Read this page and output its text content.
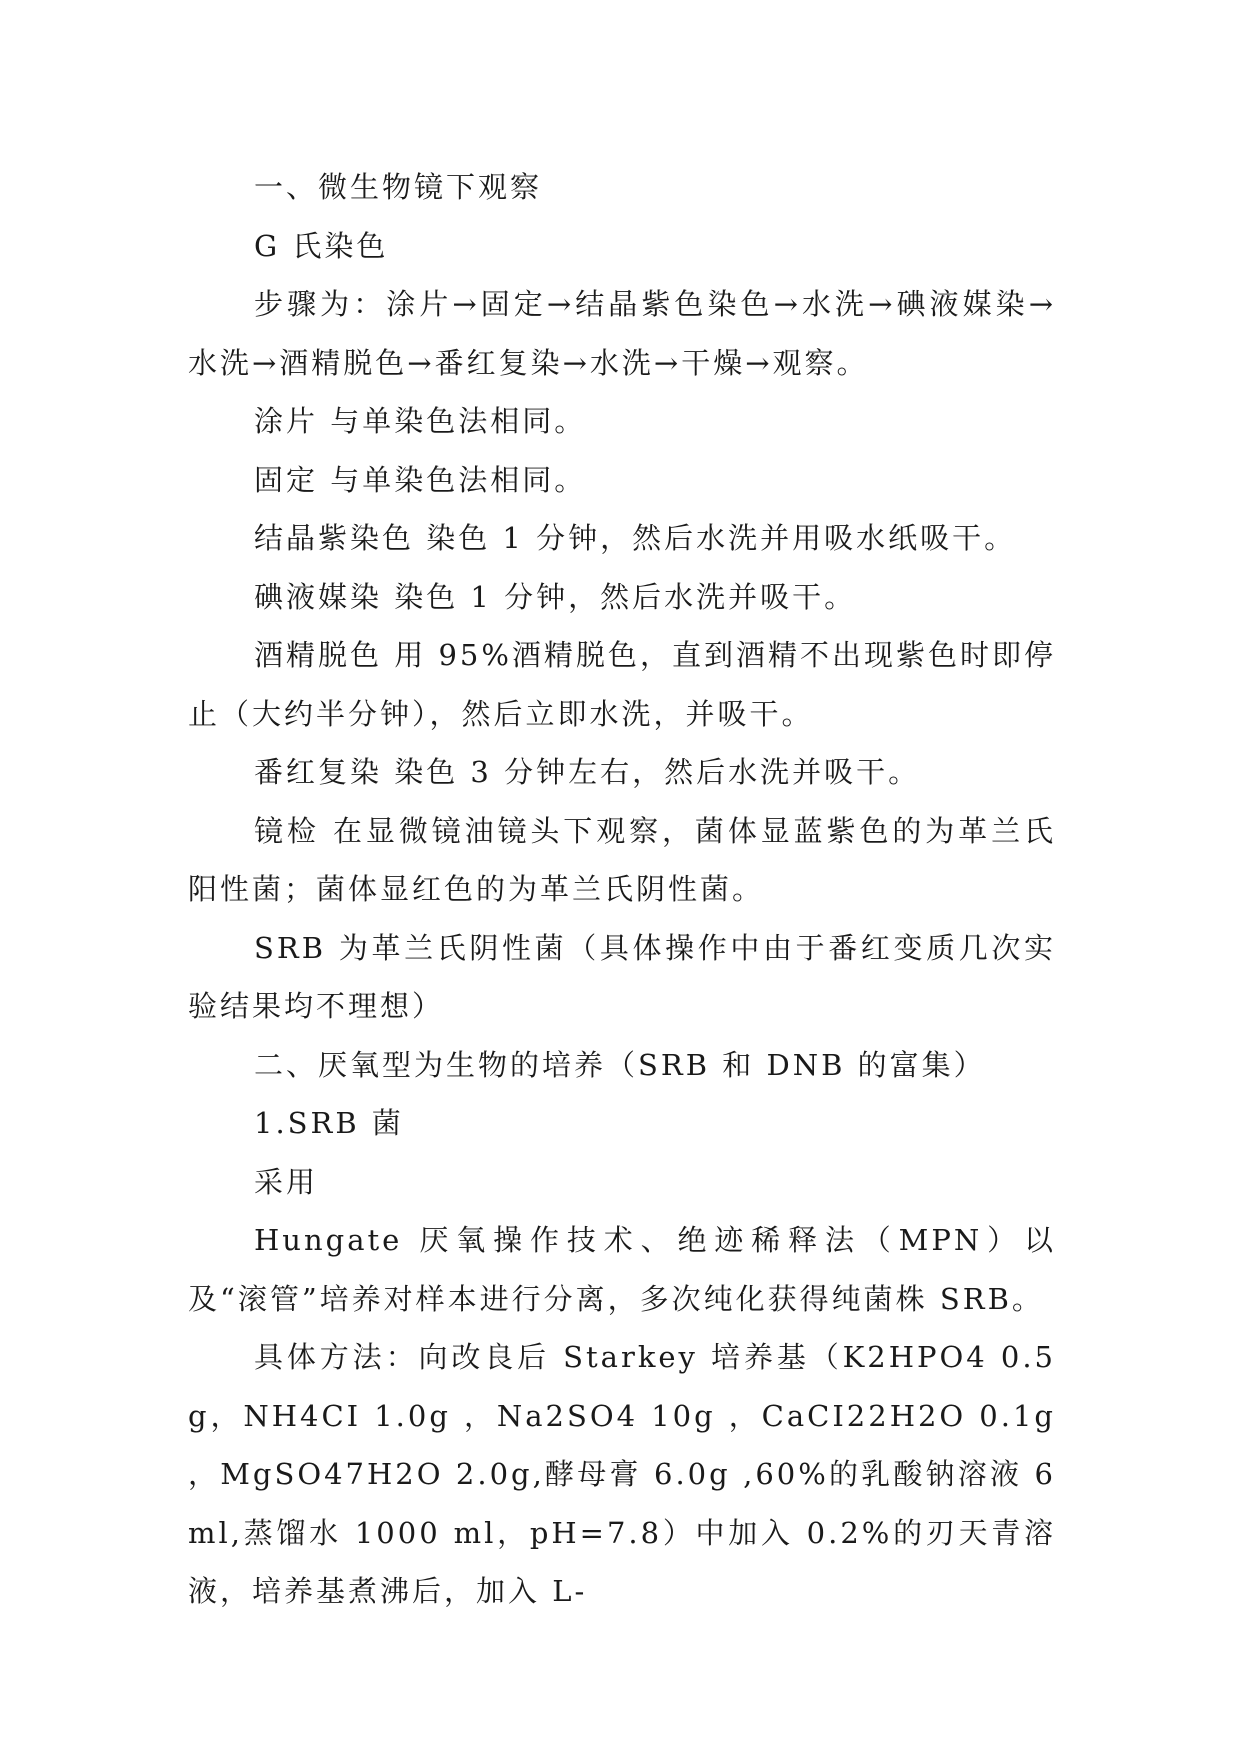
一、微生物镜下观察

G 氏染色

步骤为：涂片→固定→结晶紫色染色→水洗→碘液媒染→水洗→酒精脱色→番红复染→水洗→干燥→观察。

涂片 与单染色法相同。

固定 与单染色法相同。

结晶紫染色 染色 1 分钟，然后水洗并用吸水纸吸干。

碘液媒染 染色 1 分钟，然后水洗并吸干。

酒精脱色 用 95%酒精脱色，直到酒精不出现紫色时即停止（大约半分钟），然后立即水洗，并吸干。

番红复染 染色 3 分钟左右，然后水洗并吸干。

镜检 在显微镜油镜头下观察，菌体显蓝紫色的为革兰氏阳性菌；菌体显红色的为革兰氏阴性菌。

SRB 为革兰氏阴性菌（具体操作中由于番红变质几次实验结果均不理想）

二、厌氧型为生物的培养（SRB 和 DNB 的富集）

1.SRB 菌

采用

Hungate 厌氧操作技术、绝迹稀释法（MPN）以及“滚管”培养对样本进行分离，多次纯化获得纯菌株 SRB。

具体方法：向改良后 Starkey 培养基（K2HPO4 0.5g，NH4CI 1.0g ，Na2SO4 10g ，CaCI22H2O 0.1g ，MgSO47H2O 2.0g,酵母膏 6.0g ,60%的乳酸钠溶液 6ml,蒸馏水 1000 ml，pH=7.8）中加入 0.2%的刃天青溶液，培养基煮沸后，加入 L-
